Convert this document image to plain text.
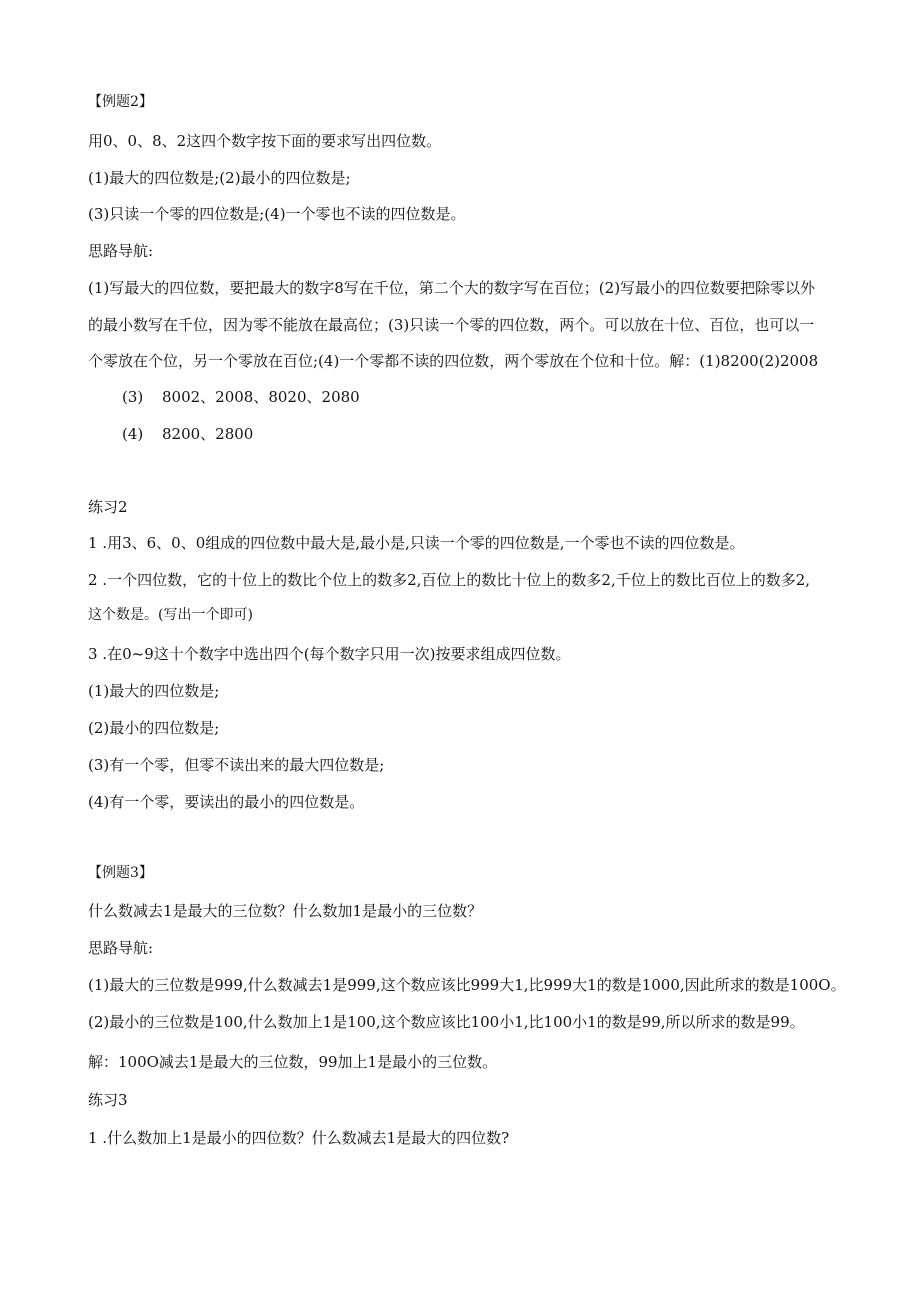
【例题2】
用0、0、8、2这四个数字按下面的要求写出四位数。
(1)最大的四位数是;(2)最小的四位数是;
(3)只读一个零的四位数是;(4)一个零也不读的四位数是。
思路导航:
(1)写最大的四位数，要把最大的数字8写在千位，第二个大的数字写在百位；(2)写最小的四位数要把除零以外
的最小数写在千位，因为零不能放在最高位；(3)只读一个零的四位数，两个。可以放在十位、百位，也可以一
个零放在个位，另一个零放在百位;(4)一个零都不读的四位数，两个零放在个位和十位。解：(1)8200(2)2008
(3) 8002、2008、8020、2080
(4) 8200、2800
练习2
1 .用3、6、0、0组成的四位数中最大是,最小是,只读一个零的四位数是,一个零也不读的四位数是。
2 .一个四位数，它的十位上的数比个位上的数多2,百位上的数比十位上的数多2,千位上的数比百位上的数多2,
这个数是。(写出一个即可)
3 .在0~9这十个数字中选出四个(每个数字只用一次)按要求组成四位数。
(1)最大的四位数是;
(2)最小的四位数是;
(3)有一个零，但零不读出来的最大四位数是;
(4)有一个零，要读出的最小的四位数是。
【例题3】
什么数减去1是最大的三位数？什么数加1是最小的三位数？
思路导航:
(1)最大的三位数是999,什么数减去1是999,这个数应该比999大1,比999大1的数是1000,因此所求的数是100O。
(2)最小的三位数是100,什么数加上1是100,这个数应该比100小1,比100小1的数是99,所以所求的数是99。
解：100O减去1是最大的三位数，99加上1是最小的三位数。
练习3
1 .什么数加上1是最小的四位数？什么数减去1是最大的四位数?
